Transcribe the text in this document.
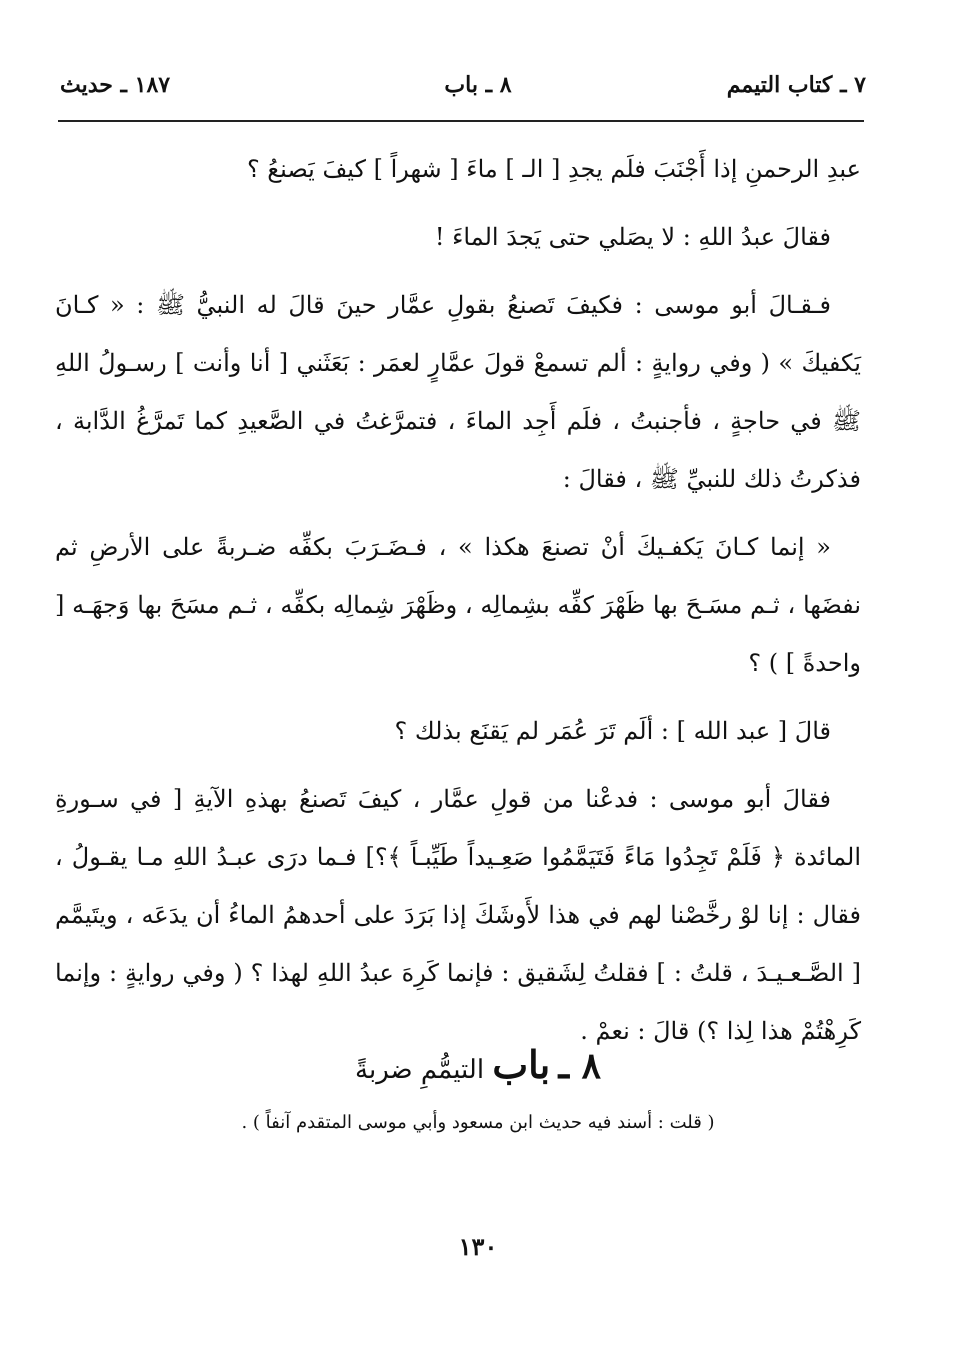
٧ ـ كتاب التيمم
٨ ـ باب
١٨٧ ـ حديث

عبدِ الرحمنِ إذا أَجْنَبَ فلَم يجدِ [ الـ ] ماءَ [ شهراً ] كيفَ يَصنعُ ؟

فقالَ عبدُ اللهِ : لا يصَلي حتى يَجدَ الماءَ !

فـقـالَ أبو موسى : فكيفَ تَصنعُ بقولِ عمَّار حينَ قالَ له النبيُّ ﷺ : « كـانَ يَكفيكَ » ( وفي روايةٍ : ألم تسمعْ قولَ عمَّارٍ لعمَر : بَعَثَني [ أنا وأنت ] رسـولُ اللهِ ﷺ في حاجةٍ ، فأجنبتُ ، فلَم أَجِد الماءَ ، فتمرَّغتُ في الصَّعيدِ كما تَمرَّغُ الدَّابة ، فذكرتُ ذلك للنبيِّ ﷺ ، فقالَ :

« إنما كـانَ يَكفـيكَ أنْ تصنعَ هكذا » ، فـضَـرَبَ بكفِّه ضـربةً على الأرضِ ثم نفضَها ، ثـم مسَـحَ بها ظَهْرَ كفِّه بشِمالِه ، وظَهْرَ شِمالِه بكفِّه ، ثـم مسَحَ بها وَجهَـه [ واحدةً ] ) ؟

قالَ [ عبد الله ] : ألَم تَرَ عُمَر لم يَقنَع بذلك ؟

فقالَ أبو موسى : فدعْنا من قولِ عمَّار ، كيفَ تَصنعُ بهذهِ الآيةِ [ في سـورةِ المائدة ﴿ فَلَمْ تَجِدُوا مَاءً فَتَيَمَّمُوا صَعِـيداً طَيِّبـاً ﴾؟] فـما درَى عبـدُ اللهِ مـا يقـولُ ، فقال : إنا لوْ رخَّصْنا لهم في هذا لأَوشَكَ إذا بَرَدَ على أحدهمُ الماءُ أن يدَعَه ، ويتَيمَّم [ الصَّـعـيـدَ ، قلتُ : ] فقلتُ لِشَقيق : فإنما كَرِهَ عبدُ اللهِ لهذا ؟ ( وفي روايةٍ : وإنما كَرِهْتُمْ هذا لِذا ؟) قالَ : نعمْ .

٨ ـ باب التيمُّمِ ضربةً
( قلت : أسند فيه حديث ابن مسعود وأبي موسى المتقدم آنفاً ) .
١٣٠
